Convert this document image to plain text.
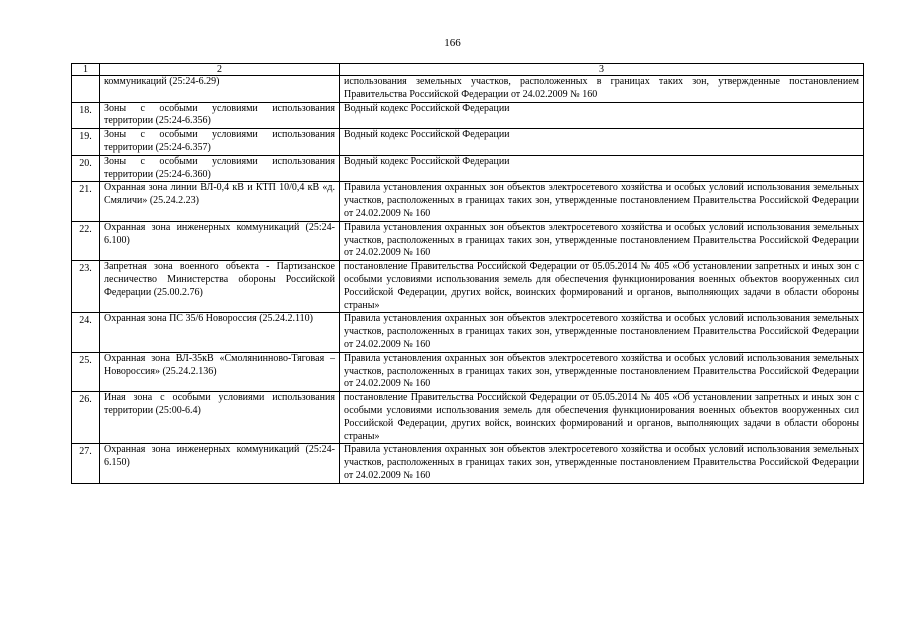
166
1	2	3
	коммуникаций (25:24-6.29)	использования земельных участков, расположенных в границах таких зон, утвержденные постановлением Правительства Российской Федерации от 24.02.2009 № 160
18.	Зоны с особыми условиями использования территории (25:24-6.356)	Водный кодекс Российской Федерации
19.	Зоны с особыми условиями использования территории (25:24-6.357)	Водный кодекс Российской Федерации
20.	Зоны с особыми условиями использования территории (25:24-6.360)	Водный кодекс Российской Федерации
21.	Охранная зона линии ВЛ-0,4 кВ и КТП 10/0,4 кВ «д. Смяличи» (25.24.2.23)	Правила установления охранных зон объектов электросетевого хозяйства и особых условий использования земельных участков, расположенных в границах таких зон, утвержденные постановлением Правительства Российской Федерации от 24.02.2009 № 160
22.	Охранная зона инженерных коммуникаций (25:24-6.100)	Правила установления охранных зон объектов электросетевого хозяйства и особых условий использования земельных участков, расположенных в границах таких зон, утвержденные постановлением Правительства Российской Федерации от 24.02.2009 № 160
23.	Запретная зона военного объекта - Партизанское лесничество Министерства обороны Российской Федерации (25.00.2.76)	постановление Правительства Российской Федерации от 05.05.2014 № 405 «Об установлении запретных и иных зон с особыми условиями использования земель для обеспечения функционирования военных объектов вооруженных сил Российской Федерации, других войск, воинских формирований и органов, выполняющих задачи в области обороны страны»
24.	Охранная зона ПС 35/6 Новороссия (25.24.2.110)	Правила установления охранных зон объектов электросетевого хозяйства и особых условий использования земельных участков, расположенных в границах таких зон, утвержденные постановлением Правительства Российской Федерации от 24.02.2009 № 160
25.	Охранная зона ВЛ-35кВ «Смолянинново-Тяговая – Новороссия» (25.24.2.136)	Правила установления охранных зон объектов электросетевого хозяйства и особых условий использования земельных участков, расположенных в границах таких зон, утвержденные постановлением Правительства Российской Федерации от 24.02.2009 № 160
26.	Иная зона с особыми условиями использования территории (25:00-6.4)	постановление Правительства Российской Федерации от 05.05.2014 № 405 «Об установлении запретных и иных зон с особыми условиями использования земель для обеспечения функционирования военных объектов вооруженных сил Российской Федерации, других войск, воинских формирований и органов, выполняющих задачи в области обороны страны»
27.	Охранная зона инженерных коммуникаций (25:24-6.150)	Правила установления охранных зон объектов электросетевого хозяйства и особых условий использования земельных участков, расположенных в границах таких зон, утвержденные постановлением Правительства Российской Федерации от 24.02.2009 № 160
